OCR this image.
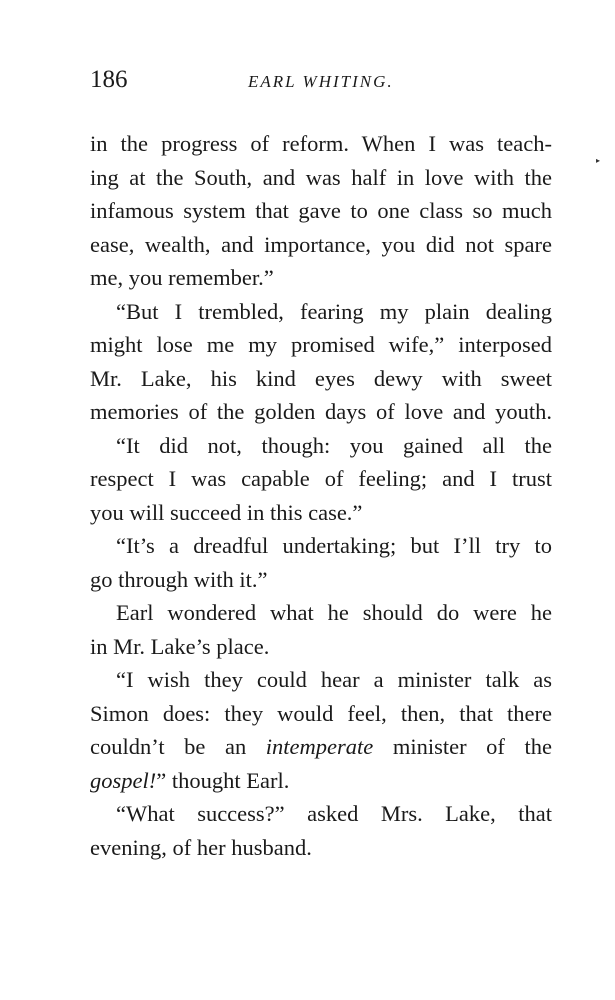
186	EARL WHITING.
▸
in the progress of reform. When I was teach-
ing at the South, and was half in love with the
infamous system that gave to one class so much
ease, wealth, and importance, you did not spare
me, you remember.”
“But I trembled, fearing my plain dealing
might lose me my promised wife,” interposed
Mr. Lake, his kind eyes dewy with sweet
memories of the golden days of love and youth.
“It did not, though: you gained all the
respect I was capable of feeling; and I trust
you will succeed in this case.”
“It’s a dreadful undertaking; but I’ll try to
go through with it.”
Earl wondered what he should do were he
in Mr. Lake’s place.
“I wish they could hear a minister talk as
Simon does: they would feel, then, that there
couldn’t be an intemperate minister of the
gospel!” thought Earl.
“What success?” asked Mrs. Lake, that
evening, of her husband.
